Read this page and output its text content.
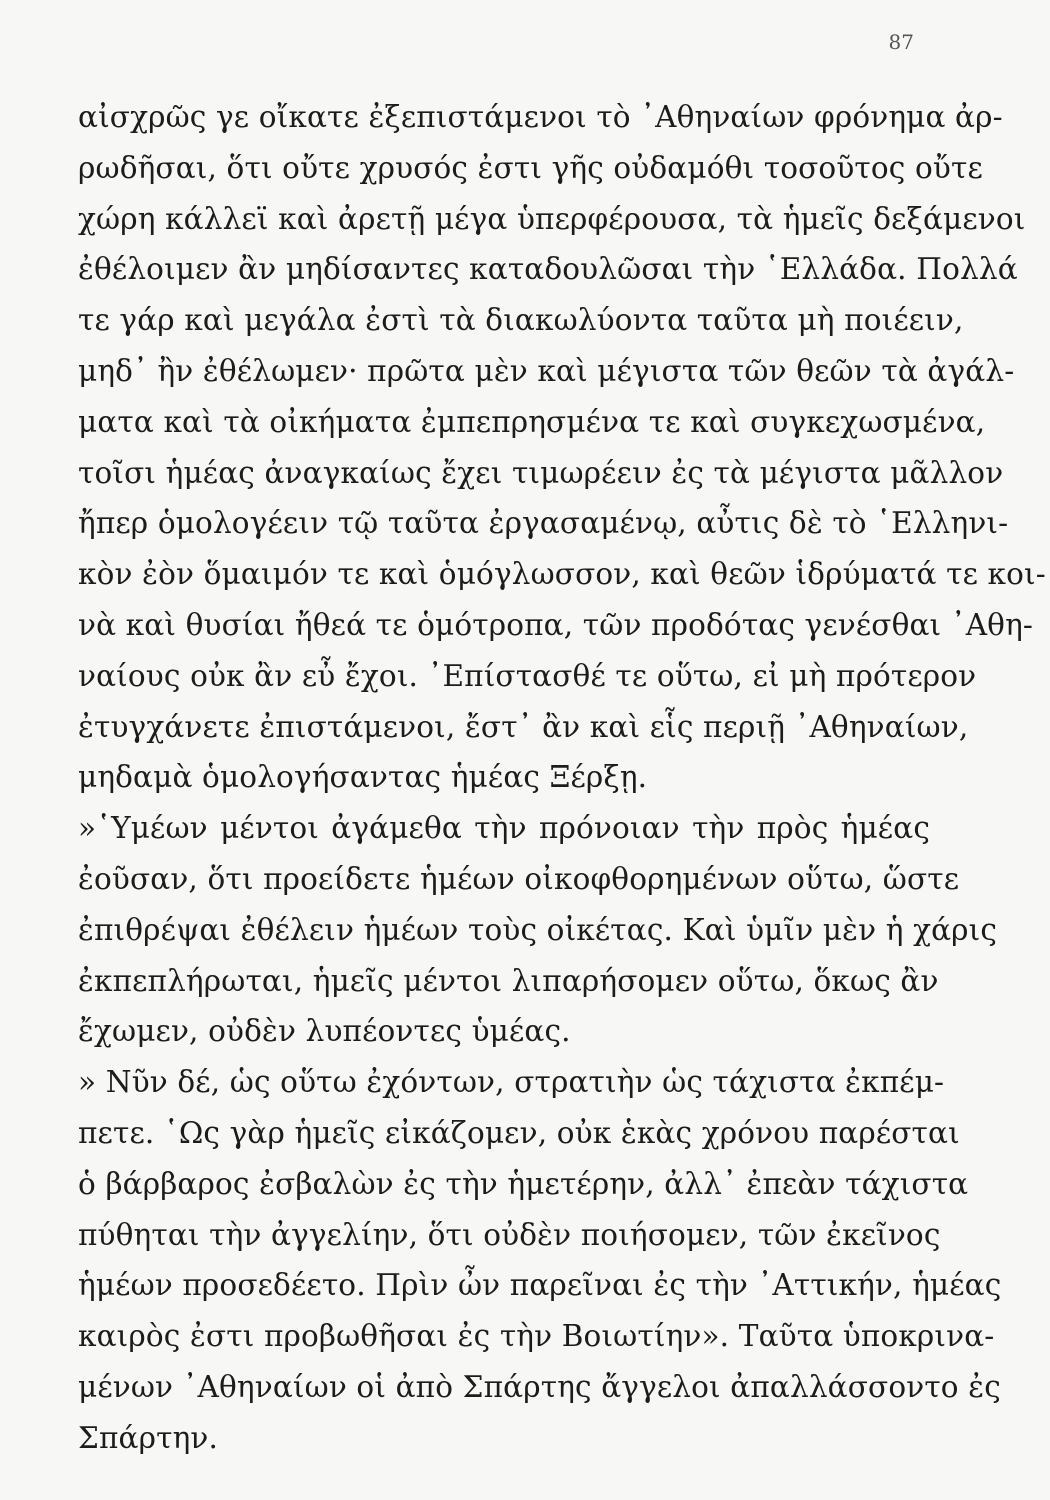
87
αἰσχρῶς γε οἴκατε ἐξεπιστάμενοι τὸ ᾿Αθηναίων φρόνημα ἀρ-
ρωδῆσαι, ὅτι οὔτε χρυσός ἐστι γῆς οὐδαμόθι τοσοῦτος οὔτε
χώρη κάλλεϊ καὶ ἀρετῇ μέγα ὑπερφέρουσα, τὰ ἡμεῖς δεξάμενοι
ἐθέλοιμεν ἂν μηδίσαντες καταδουλῶσαι τὴν ῾Ελλάδα. Πολλά
τε γάρ καὶ μεγάλα ἐστὶ τὰ διακωλύοντα ταῦτα μὴ ποιέειν,
μηδ᾿ ἢν ἐθέλωμεν· πρῶτα μὲν καὶ μέγιστα τῶν θεῶν τὰ ἀγάλ-
ματα καὶ τὰ οἰκήματα ἐμπεπρησμένα τε καὶ συγκεχωσμένα,
τοῖσι ἡμέας ἀναγκαίως ἔχει τιμωρέειν ἐς τὰ μέγιστα μᾶλλον
ἤπερ ὁμολογέειν τῷ ταῦτα ἐργασαμένῳ, αὖτις δὲ τὸ ῾Ελληνι-
κὸν ἐὸν ὅμαιμόν τε καὶ ὁμόγλωσσον, καὶ θεῶν ἱδρύματά τε κοι-
νὰ καὶ θυσίαι ἤθεά τε ὁμότροπα, τῶν προδότας γενέσθαι ᾿Αθη-
ναίους οὐκ ἂν εὖ ἔχοι. ᾿Επίστασθέ τε οὕτω, εἰ μὴ πρότερον
ἐτυγχάνετε ἐπιστάμενοι, ἔστ᾿ ἂν καὶ εἷς περιῇ ᾿Αθηναίων,
μηδαμὰ ὁμολογήσαντας ἡμέας Ξέρξῃ.
»῾Υμέων μέντοι ἀγάμεθα τὴν πρόνοιαν τὴν πρὸς ἡμέας
ἐοῦσαν, ὅτι προείδετε ἡμέων οἰκοφθορημένων οὕτω, ὥστε
ἐπιθρέψαι ἐθέλειν ἡμέων τοὺς οἰκέτας. Καὶ ὑμῖν μὲν ἡ χάρις
ἐκπεπλήρωται, ἡμεῖς μέντοι λιπαρήσομεν οὕτω, ὅκως ἂν
ἔχωμεν, οὐδὲν λυπέοντες ὑμέας.
» Νῦν δέ, ὡς οὕτω ἐχόντων, στρατιὴν ὡς τάχιστα ἐκπέμ-
πετε. ῾Ως γὰρ ἡμεῖς εἰκάζομεν, οὐκ ἑκὰς χρόνου παρέσται
ὁ βάρβαρος ἐσβαλὼν ἐς τὴν ἡμετέρην, ἀλλ᾿ ἐπεὰν τάχιστα
πύθηται τὴν ἀγγελίην, ὅτι οὐδὲν ποιήσομεν, τῶν ἐκεῖνος
ἡμέων προσεδέετο. Πρὶν ὦν παρεῖναι ἐς τὴν ᾿Αττικήν, ἡμέας
καιρὸς ἐστι προβωθῆσαι ἐς τὴν Βοιωτίην». Ταῦτα ὑποκρινα-
μένων ᾿Αθηναίων οἱ ἀπὸ Σπάρτης ἄγγελοι ἀπαλλάσσοντο ἐς
Σπάρτην.
